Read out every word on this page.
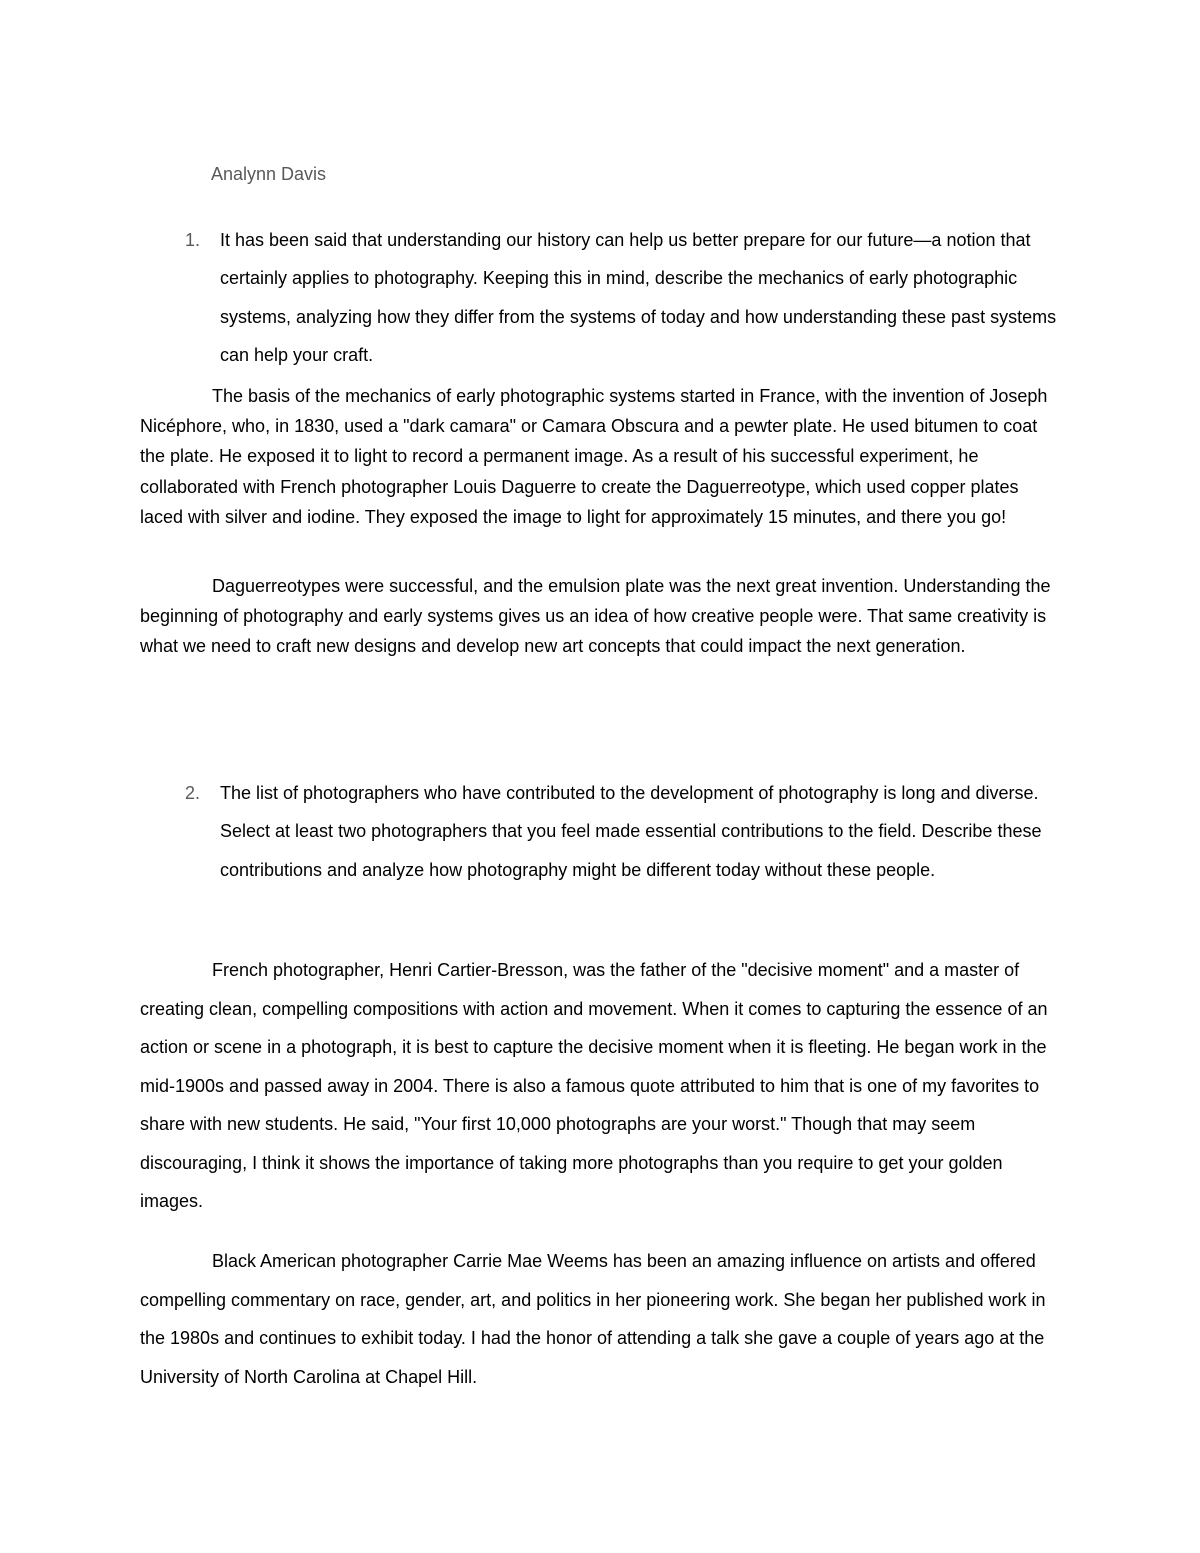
Analynn Davis
1. It has been said that understanding our history can help us better prepare for our future—a notion that certainly applies to photography. Keeping this in mind, describe the mechanics of early photographic systems, analyzing how they differ from the systems of today and how understanding these past systems can help your craft.

The basis of the mechanics of early photographic systems started in France, with the invention of Joseph Nicéphore, who, in 1830, used a "dark camara" or Camara Obscura and a pewter plate. He used bitumen to coat the plate. He exposed it to light to record a permanent image. As a result of his successful experiment, he collaborated with French photographer Louis Daguerre to create the Daguerreotype, which used copper plates laced with silver and iodine. They exposed the image to light for approximately 15 minutes, and there you go!

Daguerreotypes were successful, and the emulsion plate was the next great invention. Understanding the beginning of photography and early systems gives us an idea of how creative people were. That same creativity is what we need to craft new designs and develop new art concepts that could impact the next generation.

2. The list of photographers who have contributed to the development of photography is long and diverse. Select at least two photographers that you feel made essential contributions to the field. Describe these contributions and analyze how photography might be different today without these people.

French photographer, Henri Cartier-Bresson, was the father of the "decisive moment" and a master of creating clean, compelling compositions with action and movement. When it comes to capturing the essence of an action or scene in a photograph, it is best to capture the decisive moment when it is fleeting. He began work in the mid-1900s and passed away in 2004. There is also a famous quote attributed to him that is one of my favorites to share with new students. He said, "Your first 10,000 photographs are your worst." Though that may seem discouraging, I think it shows the importance of taking more photographs than you require to get your golden images.

Black American photographer Carrie Mae Weems has been an amazing influence on artists and offered compelling commentary on race, gender, art, and politics in her pioneering work. She began her published work in the 1980s and continues to exhibit today. I had the honor of attending a talk she gave a couple of years ago at the University of North Carolina at Chapel Hill.
